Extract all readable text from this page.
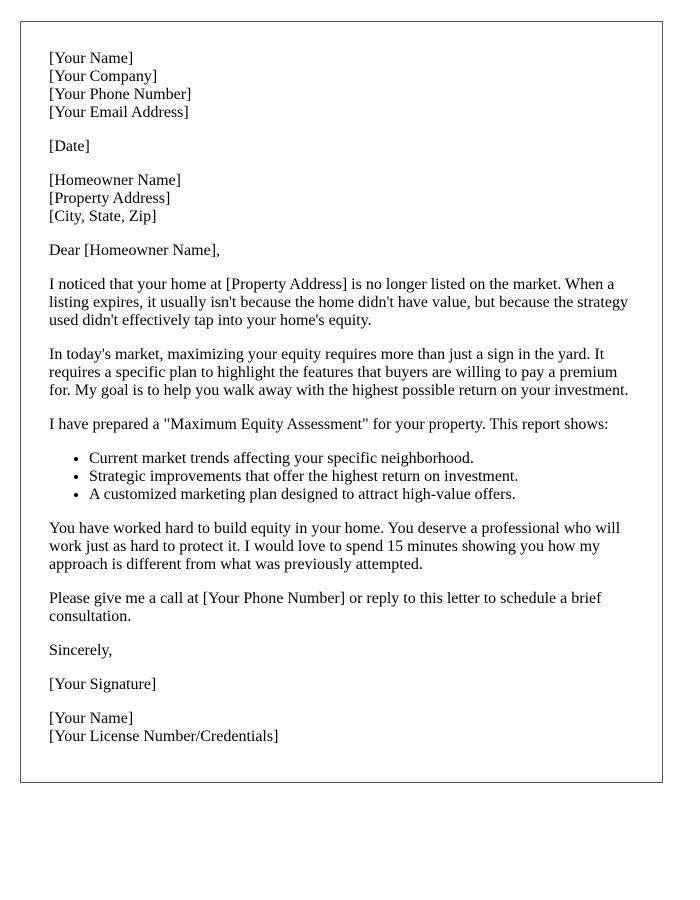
[Your Name]
[Your Company]
[Your Phone Number]
[Your Email Address]

[Date]

[Homeowner Name]
[Property Address]
[City, State, Zip]

Dear [Homeowner Name],

I noticed that your home at [Property Address] is no longer listed on the market. When a listing expires, it usually isn't because the home didn't have value, but because the strategy used didn't effectively tap into your home's equity.

In today's market, maximizing your equity requires more than just a sign in the yard. It requires a specific plan to highlight the features that buyers are willing to pay a premium for. My goal is to help you walk away with the highest possible return on your investment.

I have prepared a "Maximum Equity Assessment" for your property. This report shows:

• Current market trends affecting your specific neighborhood.
• Strategic improvements that offer the highest return on investment.
• A customized marketing plan designed to attract high-value offers.

You have worked hard to build equity in your home. You deserve a professional who will work just as hard to protect it. I would love to spend 15 minutes showing you how my approach is different from what was previously attempted.

Please give me a call at [Your Phone Number] or reply to this letter to schedule a brief consultation.

Sincerely,

[Your Signature]

[Your Name]
[Your License Number/Credentials]
